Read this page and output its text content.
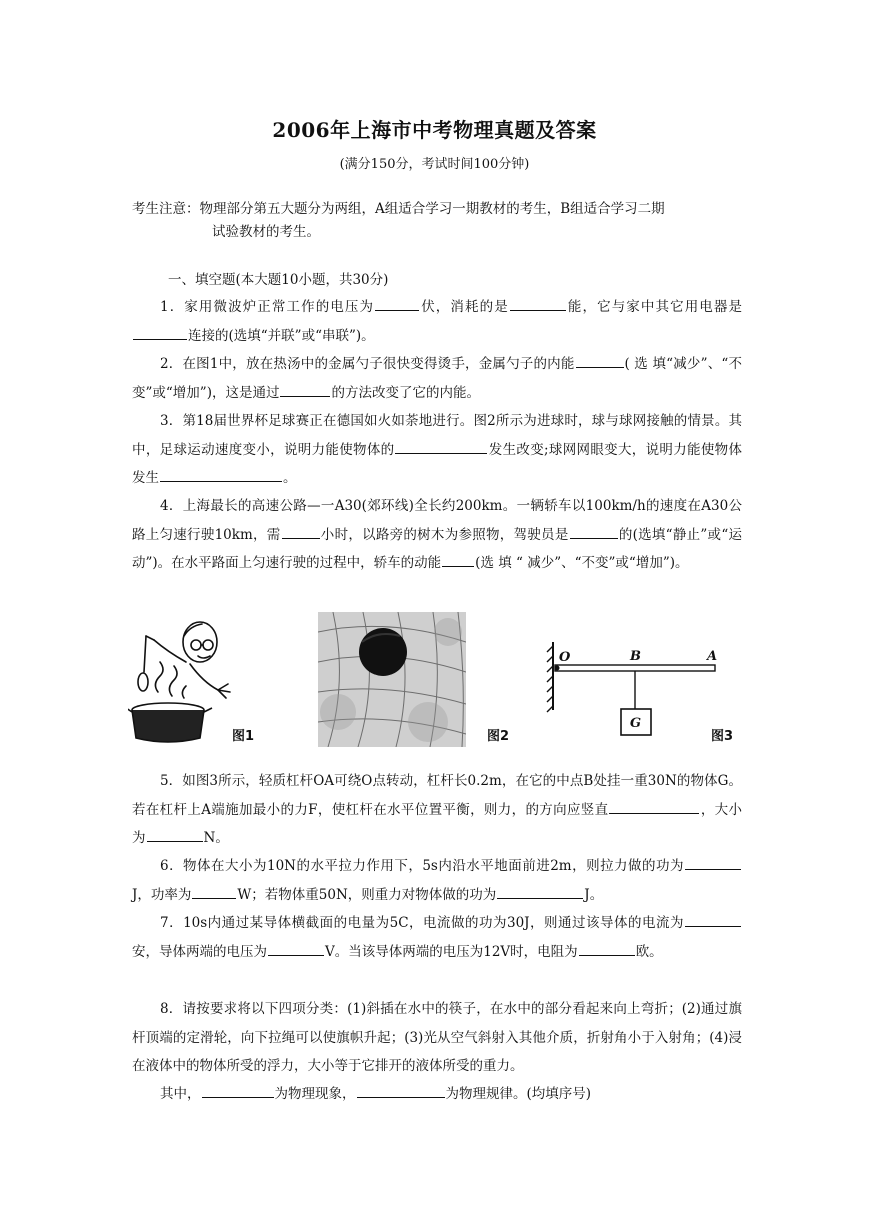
2006年上海市中考物理真题及答案
(满分150分，考试时间100分钟)
考生注意：物理部分第五大题分为两组，A组适合学习一期教材的考生，B组适合学习二期
试验教材的考生。
一、填空题(本大题10小题，共30分)
1．家用微波炉正常工作的电压为	伏，消耗的是	能，它与家中其它用电器是连接的(选填“并联”或“串联”)。
2．在图1中，放在热汤中的金属勺子很快变得烫手，金属勺子的内能	( 选 填“减少”、“不变”或“增加”)，这是通过	的方法改变了它的内能。
3．第18届世界杯足球赛正在德国如火如荼地进行。图2所示为进球时，球与球网接触的情景。其中，足球运动速度变小，说明力能使物体的	发生改变;球网网眼变大，说明力能使物体发生	。
4．上海最长的高速公路—一A30(郊环线)全长约200km。一辆轿车以100km/h的速度在A30公路上匀速行驶10km，需	小时，以路旁的树木为参照物，驾驶员是	的(选填“静止”或“运动”)。在水平路面上匀速行驶的过程中，轿车的动能	(选 填 “ 减少”、“不变”或“增加”)。
图1	图2
O	B	A
G
图3
5．如图3所示，轻质杠杆OA可绕O点转动，杠杆长0.2m，在它的中点B处挂一重30N的物体G。若在杠杆上A端施加最小的力F，使杠杆在水平位置平衡，则力，的方向应竖直	，大小为	N。
6．物体在大小为10N的水平拉力作用下，5s内沿水平地面前进2m，则拉力做的功为J，功率为	W；若物体重50N，则重力对物体做的功为	J。
7．10s内通过某导体横截面的电量为5C，电流做的功为30J，则通过该导体的电流为安，导体两端的电压为	V。当该导体两端的电压为12V时，电阻为	欧。
8．请按要求将以下四项分类：(1)斜插在水中的筷子，在水中的部分看起来向上弯折；(2)通过旗杆顶端的定滑轮，向下拉绳可以使旗帜升起；(3)光从空气斜射入其他介质，折射角小于入射角；(4)浸在液体中的物体所受的浮力，大小等于它排开的液体所受的重力。
其中，	为物理现象，	为物理规律。(均填序号)
